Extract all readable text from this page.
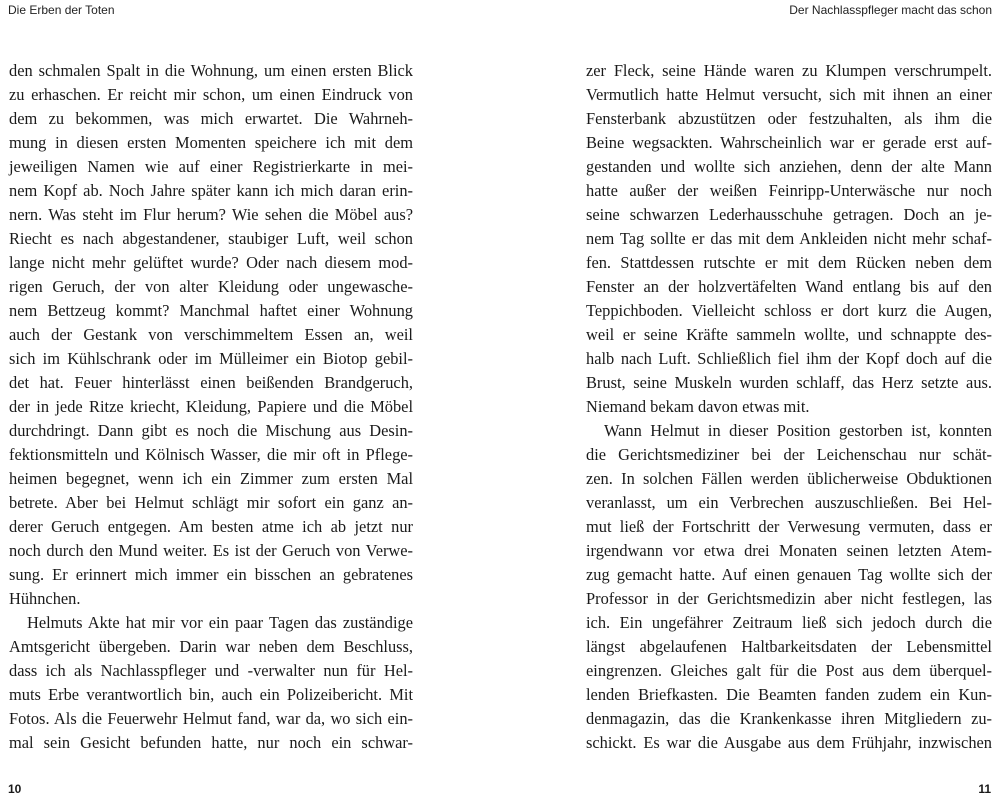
Die Erben der Toten
den schmalen Spalt in die Wohnung, um einen ersten Blick
zu erhaschen. Er reicht mir schon, um einen Eindruck von
dem zu bekommen, was mich erwartet. Die Wahrneh-
mung in diesen ersten Momenten speichere ich mit dem
jeweiligen Namen wie auf einer Registrierkarte in mei-
nem Kopf ab. Noch Jahre später kann ich mich daran erin-
nern. Was steht im Flur herum? Wie sehen die Möbel aus?
Riecht es nach abgestandener, staubiger Luft, weil schon
lange nicht mehr gelüftet wurde? Oder nach diesem mod-
rigen Geruch, der von alter Kleidung oder ungewasche-
nem Bettzeug kommt? Manchmal haftet einer Wohnung
auch der Gestank von verschimmeltem Essen an, weil
sich im Kühlschrank oder im Mülleimer ein Biotop gebil-
det hat. Feuer hinterlässt einen beißenden Brandgeruch,
der in jede Ritze kriecht, Kleidung, Papiere und die Möbel
durchdringt. Dann gibt es noch die Mischung aus Desin-
fektionsmitteln und Kölnisch Wasser, die mir oft in Pflege-
heimen begegnet, wenn ich ein Zimmer zum ersten Mal
betrete. Aber bei Helmut schlägt mir sofort ein ganz an-
derer Geruch entgegen. Am besten atme ich ab jetzt nur
noch durch den Mund weiter. Es ist der Geruch von Verwe-
sung. Er erinnert mich immer ein bisschen an gebratenes
Hühnchen.
Helmuts Akte hat mir vor ein paar Tagen das zuständige
Amtsgericht übergeben. Darin war neben dem Beschluss,
dass ich als Nachlasspfleger und -verwalter nun für Hel-
muts Erbe verantwortlich bin, auch ein Polizeibericht. Mit
Fotos. Als die Feuerwehr Helmut fand, war da, wo sich ein-
mal sein Gesicht befunden hatte, nur noch ein schwar-
10
Der Nachlasspfleger macht das schon
zer Fleck, seine Hände waren zu Klumpen verschrumpelt.
Vermutlich hatte Helmut versucht, sich mit ihnen an einer
Fensterbank abzustützen oder festzuhalten, als ihm die
Beine wegsackten. Wahrscheinlich war er gerade erst auf-
gestanden und wollte sich anziehen, denn der alte Mann
hatte außer der weißen Feinripp-Unterwäsche nur noch
seine schwarzen Lederhausschuhe getragen. Doch an je-
nem Tag sollte er das mit dem Ankleiden nicht mehr schaf-
fen. Stattdessen rutschte er mit dem Rücken neben dem
Fenster an der holzvertäfelten Wand entlang bis auf den
Teppichboden. Vielleicht schloss er dort kurz die Augen,
weil er seine Kräfte sammeln wollte, und schnappte des-
halb nach Luft. Schließlich fiel ihm der Kopf doch auf die
Brust, seine Muskeln wurden schlaff, das Herz setzte aus.
Niemand bekam davon etwas mit.
Wann Helmut in dieser Position gestorben ist, konnten
die Gerichtsmediziner bei der Leichenschau nur schät-
zen. In solchen Fällen werden üblicherweise Obduktionen
veranlasst, um ein Verbrechen auszuschließen. Bei Hel-
mut ließ der Fortschritt der Verwesung vermuten, dass er
irgendwann vor etwa drei Monaten seinen letzten Atem-
zug gemacht hatte. Auf einen genauen Tag wollte sich der
Professor in der Gerichtsmedizin aber nicht festlegen, las
ich. Ein ungefährer Zeitraum ließ sich jedoch durch die
längst abgelaufenen Haltbarkeitsdaten der Lebensmittel
eingrenzen. Gleiches galt für die Post aus dem überquel-
lenden Briefkasten. Die Beamten fanden zudem ein Kun-
denmagazin, das die Krankenkasse ihren Mitgliedern zu-
schickt. Es war die Ausgabe aus dem Frühjahr, inzwischen
11
